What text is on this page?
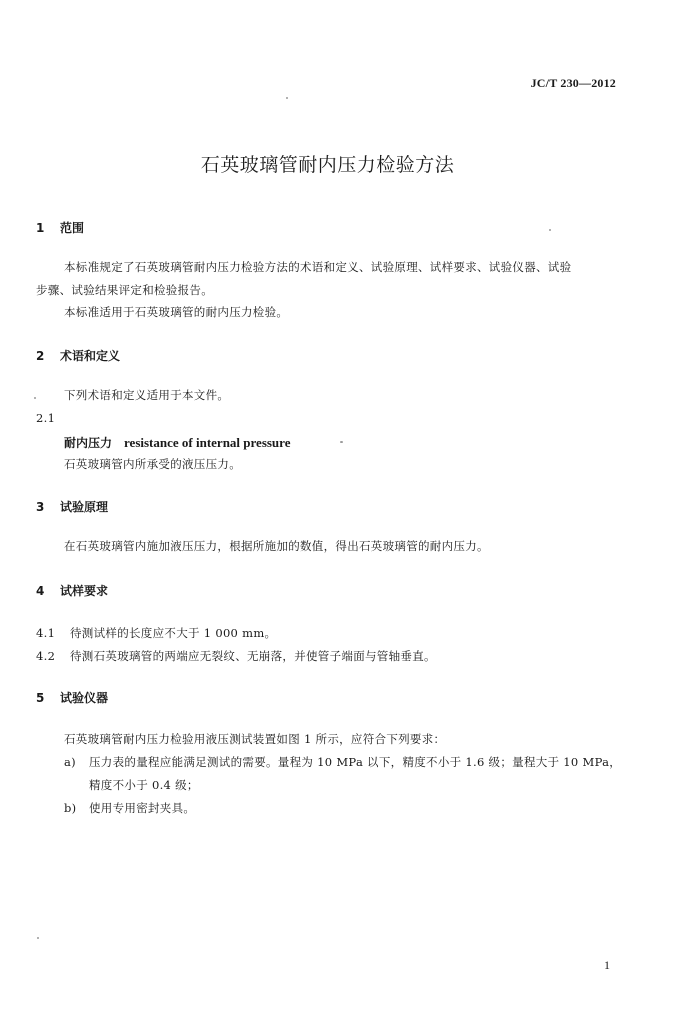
JC/T 230—2012
石英玻璃管耐内压力检验方法
1 范围
本标准规定了石英玻璃管耐内压力检验方法的术语和定义、试验原理、试样要求、试验仪器、试验
步骤、试验结果评定和检验报告。
本标准适用于石英玻璃管的耐内压力检验。
2 术语和定义
下列术语和定义适用于本文件。
2.1
耐内压力 resistance of internal pressure
石英玻璃管内所承受的液压压力。
3 试验原理
在石英玻璃管内施加液压压力，根据所施加的数值，得出石英玻璃管的耐内压力。
4 试样要求
4.1 待测试样的长度应不大于 1 000 mm。
4.2 待测石英玻璃管的两端应无裂纹、无崩落，并使管子端面与管轴垂直。
5 试验仪器
石英玻璃管耐内压力检验用液压测试装置如图 1 所示，应符合下列要求：
a) 压力表的量程应能满足测试的需要。量程为 10 MPa 以下，精度不小于 1.6 级；量程大于 10 MPa，
精度不小于 0.4 级；
b) 使用专用密封夹具。
1
